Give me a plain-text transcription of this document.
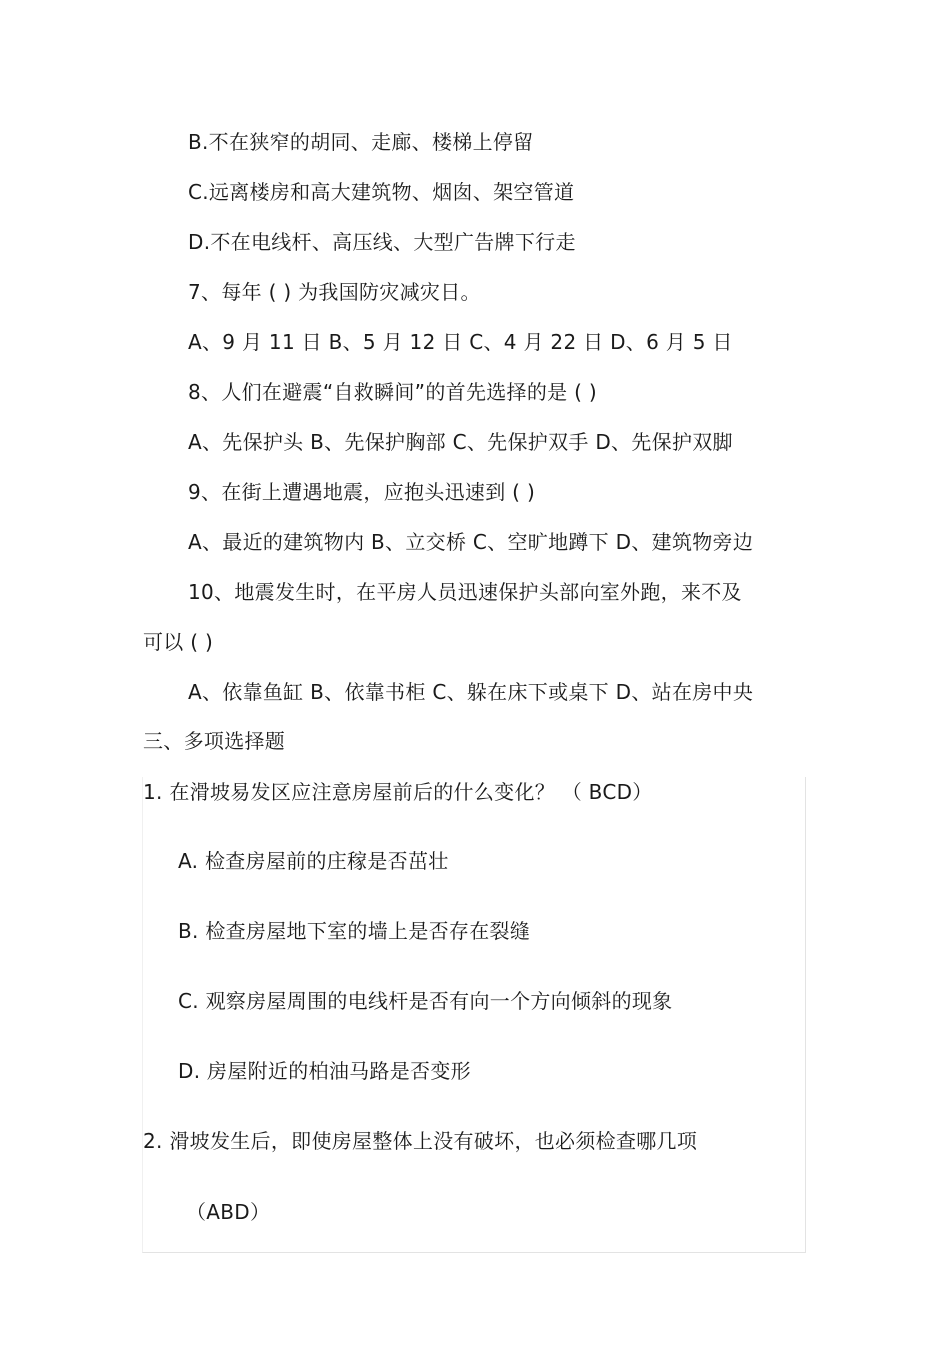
B.不在狭窄的胡同、走廊、楼梯上停留
C.远离楼房和高大建筑物、烟囱、架空管道
D.不在电线杆、高压线、大型广告牌下行走
7、每年 ( ) 为我国防灾减灾日。
A、9 月 11 日 B、5 月 12 日 C、4 月 22 日 D、6 月 5 日
8、人们在避震“自救瞬间”的首先选择的是 ( )
A、先保护头 B、先保护胸部 C、先保护双手 D、先保护双脚
9、在街上遭遇地震，应抱头迅速到 ( )
A、最近的建筑物内 B、立交桥 C、空旷地蹲下 D、建筑物旁边
10、地震发生时，在平房人员迅速保护头部向室外跑，来不及
可以 ( )
A、依靠鱼缸 B、依靠书柜 C、躲在床下或桌下 D、站在房中央
三、多项选择题
1. 在滑坡易发区应注意房屋前后的什么变化？ （ BCD）
A. 检查房屋前的庄稼是否茁壮
B. 检查房屋地下室的墙上是否存在裂缝
C. 观察房屋周围的电线杆是否有向一个方向倾斜的现象
D. 房屋附近的柏油马路是否变形
2. 滑坡发生后，即使房屋整体上没有破坏，也必须检查哪几项
（ABD）
